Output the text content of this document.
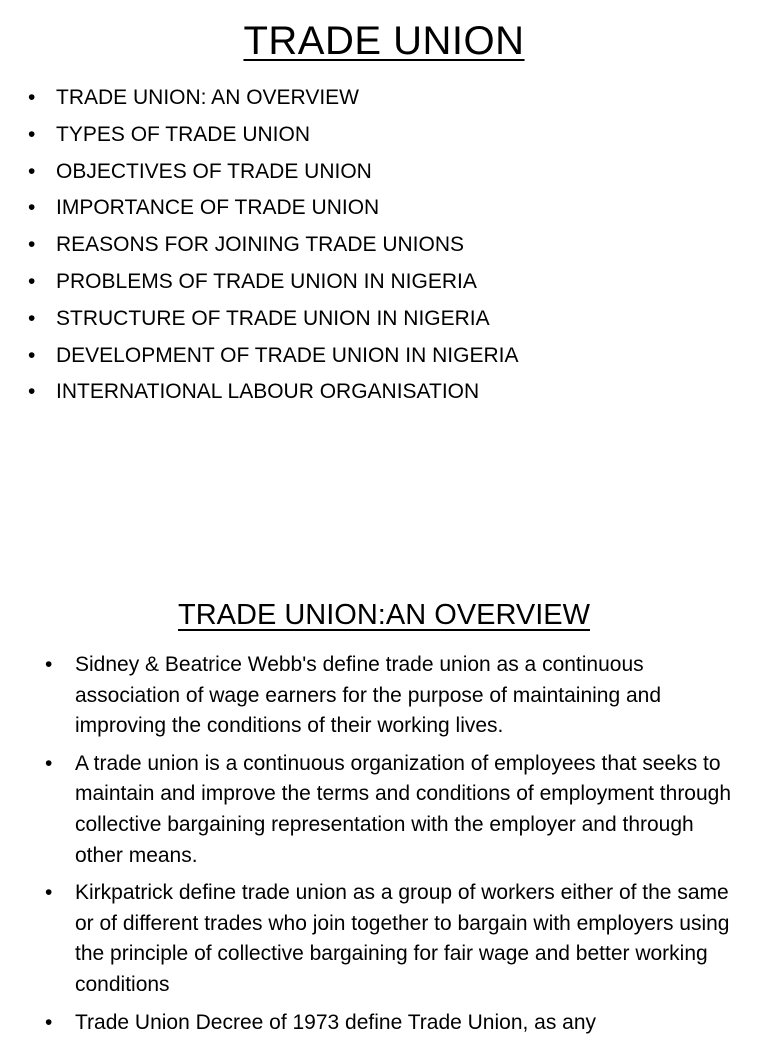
TRADE UNION
• TRADE UNION: AN OVERVIEW
• TYPES OF TRADE UNION
• OBJECTIVES OF TRADE UNION
• IMPORTANCE OF TRADE UNION
• REASONS FOR JOINING TRADE UNIONS
• PROBLEMS OF TRADE UNION IN NIGERIA
• STRUCTURE OF TRADE UNION IN NIGERIA
• DEVELOPMENT OF TRADE UNION IN NIGERIA
• INTERNATIONAL LABOUR ORGANISATION
TRADE UNION:AN OVERVIEW
• Sidney & Beatrice Webb's define trade union as a continuous association of wage earners for the purpose of maintaining and improving the conditions of their working lives.
• A trade union is a continuous organization of employees that seeks to maintain and improve the terms and conditions of employment through collective bargaining representation with the employer and through other means.
• Kirkpatrick define trade union as a group of workers either of the same or of different trades who join together to bargain with employers using the principle of collective bargaining for fair wage and better working conditions
• Trade Union Decree of 1973 define Trade Union, as any
